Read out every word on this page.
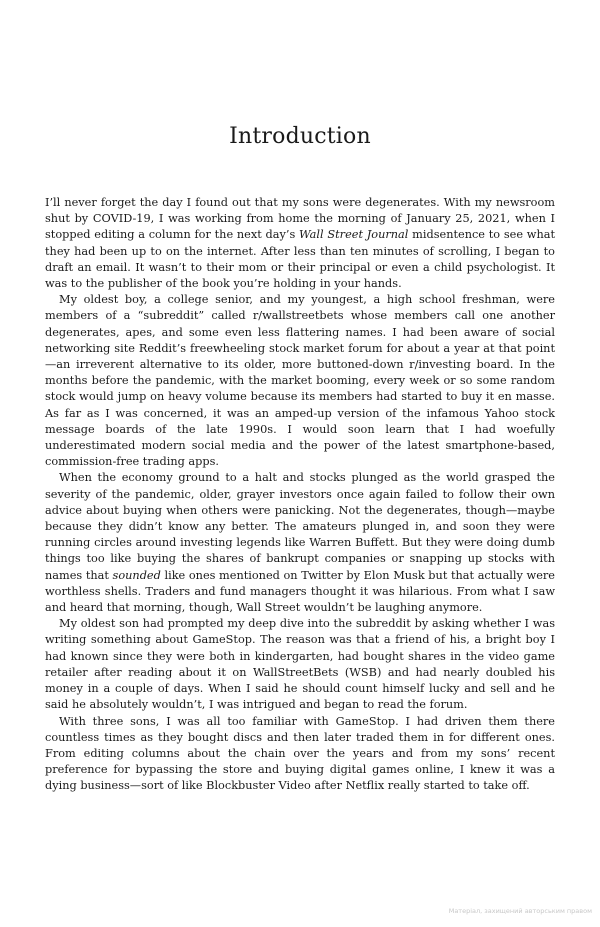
Introduction

I’ll never forget the day I found out that my sons were degenerates. With my newsroom shut by COVID-19, I was working from home the morning of January 25, 2021, when I stopped editing a column for the next day’s Wall Street Journal midsentence to see what they had been up to on the internet. After less than ten minutes of scrolling, I began to draft an email. It wasn’t to their mom or their principal or even a child psychologist. It was to the publisher of the book you’re holding in your hands.

My oldest boy, a college senior, and my youngest, a high school freshman, were members of a “subreddit” called r/wallstreetbets whose members call one another degenerates, apes, and some even less flattering names. I had been aware of social networking site Reddit’s freewheeling stock market forum for about a year at that point—an irreverent alternative to its older, more buttoned-down r/investing board. In the months before the pandemic, with the market booming, every week or so some random stock would jump on heavy volume because its members had started to buy it en masse. As far as I was concerned, it was an amped-up version of the infamous Yahoo stock message boards of the late 1990s. I would soon learn that I had woefully underestimated modern social media and the power of the latest smartphone-based, commission-free trading apps.

When the economy ground to a halt and stocks plunged as the world grasped the severity of the pandemic, older, grayer investors once again failed to follow their own advice about buying when others were panicking. Not the degenerates, though—maybe because they didn’t know any better. The amateurs plunged in, and soon they were running circles around investing legends like Warren Buffett. But they were doing dumb things too like buying the shares of bankrupt companies or snapping up stocks with names that sounded like ones mentioned on Twitter by Elon Musk but that actually were worthless shells. Traders and fund managers thought it was hilarious. From what I saw and heard that morning, though, Wall Street wouldn’t be laughing anymore.

My oldest son had prompted my deep dive into the subreddit by asking whether I was writing something about GameStop. The reason was that a friend of his, a bright boy I had known since they were both in kindergarten, had bought shares in the video game retailer after reading about it on WallStreetBets (WSB) and had nearly doubled his money in a couple of days. When I said he should count himself lucky and sell and he said he absolutely wouldn’t, I was intrigued and began to read the forum.

With three sons, I was all too familiar with GameStop. I had driven them there countless times as they bought discs and then later traded them in for different ones. From editing columns about the chain over the years and from my sons’ recent preference for bypassing the store and buying digital games online, I knew it was a dying business—sort of like Blockbuster Video after Netflix really started to take off.

Матеріал, захищений авторським правом
